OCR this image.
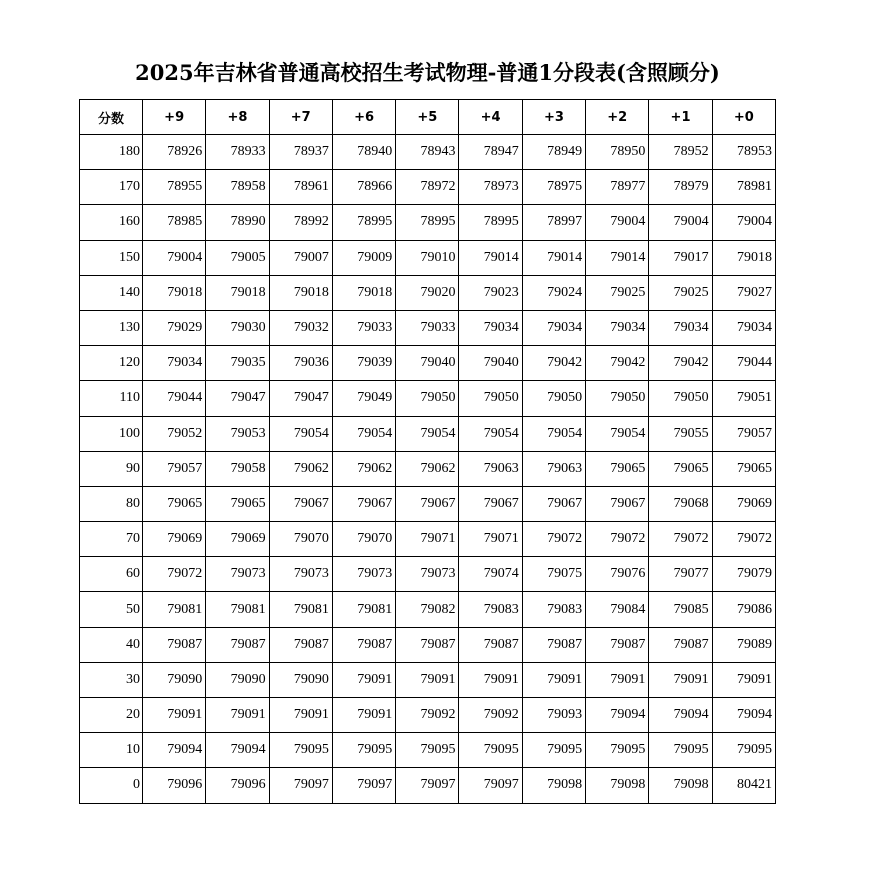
2025年吉林省普通高校招生考试物理-普通1分段表(含照顾分)
分数	+9	+8	+7	+6	+5	+4	+3	+2	+1	+0
180	78926	78933	78937	78940	78943	78947	78949	78950	78952	78953
170	78955	78958	78961	78966	78972	78973	78975	78977	78979	78981
160	78985	78990	78992	78995	78995	78995	78997	79004	79004	79004
150	79004	79005	79007	79009	79010	79014	79014	79014	79017	79018
140	79018	79018	79018	79018	79020	79023	79024	79025	79025	79027
130	79029	79030	79032	79033	79033	79034	79034	79034	79034	79034
120	79034	79035	79036	79039	79040	79040	79042	79042	79042	79044
110	79044	79047	79047	79049	79050	79050	79050	79050	79050	79051
100	79052	79053	79054	79054	79054	79054	79054	79054	79055	79057
90	79057	79058	79062	79062	79062	79063	79063	79065	79065	79065
80	79065	79065	79067	79067	79067	79067	79067	79067	79068	79069
70	79069	79069	79070	79070	79071	79071	79072	79072	79072	79072
60	79072	79073	79073	79073	79073	79074	79075	79076	79077	79079
50	79081	79081	79081	79081	79082	79083	79083	79084	79085	79086
40	79087	79087	79087	79087	79087	79087	79087	79087	79087	79089
30	79090	79090	79090	79091	79091	79091	79091	79091	79091	79091
20	79091	79091	79091	79091	79092	79092	79093	79094	79094	79094
10	79094	79094	79095	79095	79095	79095	79095	79095	79095	79095
0	79096	79096	79097	79097	79097	79097	79098	79098	79098	80421
